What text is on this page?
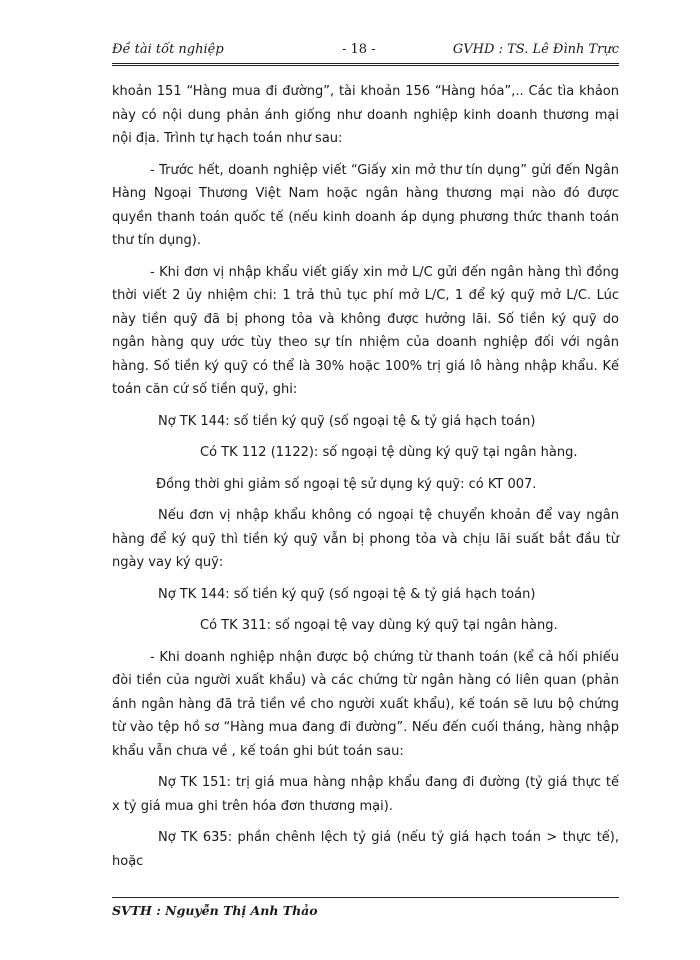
Đề tài tốt nghiệp	- 18 -	GVHD : TS. Lê Đình Trực

khoản 151 “Hàng mua đi đường”, tài khoản 156 “Hàng hóa”,.. Các tìa khảon này có nội dung phản ánh giống như doanh nghiệp kinh doanh thương mại nội địa. Trình tự hạch toán như sau:

- Trước hết, doanh nghiệp viết “Giấy xin mở thư tín dụng” gửi đến Ngân Hàng Ngoại Thương Việt Nam hoặc ngân hàng thương mại nào đó được quyền thanh toán quốc tế (nếu kinh doanh áp dụng phương thức thanh toán thư tín dụng).

- Khi đơn vị nhập khẩu viết giấy xin mở L/C gửi đến ngân hàng thì đồng thời viết 2 ủy nhiệm chi: 1 trả thủ tục phí mở L/C, 1 để ký quỹ mở L/C. Lúc này tiền quỹ đã bị phong tỏa và không được hưởng lãi. Số tiền ký quỹ do ngân hàng quy ước tùy theo sự tín nhiệm của doanh nghiệp đối với ngân hàng. Số tiền ký quỹ có thể là 30% hoặc 100% trị giá lô hàng nhập khẩu. Kế toán căn cứ số tiền quỹ, ghi:

Nợ TK 144: số tiền ký quỹ (số ngoại tệ & tỷ giá hạch toán)

Có TK 112 (1122): số ngoại tệ dùng ký quỹ tại ngân hàng.

Đồng thời ghi giảm số ngoại tệ sử dụng ký quỹ: có KT 007.

Nếu đơn vị nhập khẩu không có ngoại tệ chuyển khoản để vay ngân hàng để ký quỹ thì tiền ký quỹ vẫn bị phong tỏa và chịu lãi suất bắt đầu từ ngày vay ký quỹ:

Nợ TK 144: số tiền ký quỹ (số ngoại tệ & tỷ giá hạch toán)

Có TK 311: số ngoại tệ vay dùng ký quỹ tại ngân hàng.

- Khi doanh nghiệp nhận được bộ chứng từ thanh toán (kể cả hối phiếu đòi tiền của người xuất khẩu) và các chứng từ ngân hàng có liên quan (phản ánh ngân hàng đã trả tiền về cho người xuất khẩu), kế toán sẽ lưu bộ chứng từ vào tệp hồ sơ “Hàng mua đang đi đường”. Nếu đến cuối tháng, hàng nhập khẩu vẫn chưa về , kế toán ghi bút toán sau:

Nợ TK 151: trị giá mua hàng nhập khẩu đang đi đường (tỷ giá thực tế x tỷ giá mua ghi trên hóa đơn thương mại).

Nợ TK 635: phần chênh lệch tỷ giá (nếu tỷ giá hạch toán > thực tế), hoặc

SVTH : Nguyễn Thị Anh Thảo
